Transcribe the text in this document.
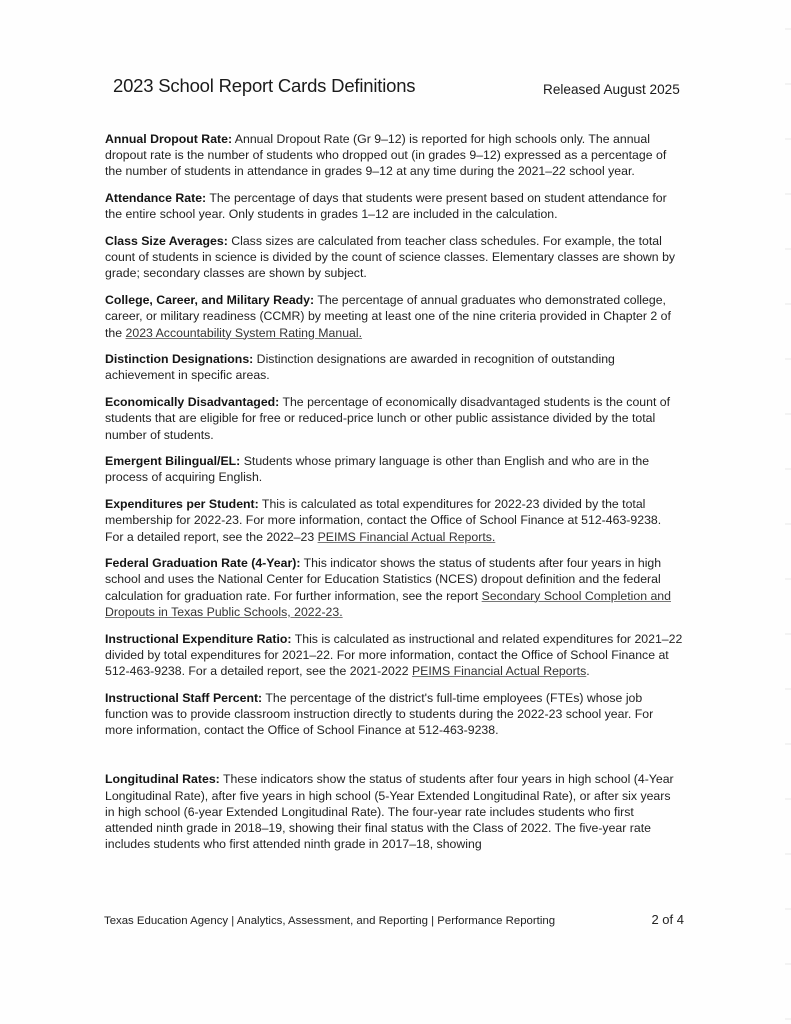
2023 School Report Cards Definitions	Released August 2025

Annual Dropout Rate: Annual Dropout Rate (Gr 9–12) is reported for high schools only. The annual dropout rate is the number of students who dropped out (in grades 9–12) expressed as a percentage of the number of students in attendance in grades 9–12 at any time during the 2021–22 school year.

Attendance Rate: The percentage of days that students were present based on student attendance for the entire school year. Only students in grades 1–12 are included in the calculation.

Class Size Averages: Class sizes are calculated from teacher class schedules. For example, the total count of students in science is divided by the count of science classes. Elementary classes are shown by grade; secondary classes are shown by subject.

College, Career, and Military Ready: The percentage of annual graduates who demonstrated college, career, or military readiness (CCMR) by meeting at least one of the nine criteria provided in Chapter 2 of the 2023 Accountability System Rating Manual.

Distinction Designations: Distinction designations are awarded in recognition of outstanding achievement in specific areas.

Economically Disadvantaged: The percentage of economically disadvantaged students is the count of students that are eligible for free or reduced-price lunch or other public assistance divided by the total number of students.

Emergent Bilingual/EL: Students whose primary language is other than English and who are in the process of acquiring English.

Expenditures per Student: This is calculated as total expenditures for 2022-23 divided by the total membership for 2022-23. For more information, contact the Office of School Finance at 512-463-9238. For a detailed report, see the 2022–23 PEIMS Financial Actual Reports.

Federal Graduation Rate (4-Year): This indicator shows the status of students after four years in high school and uses the National Center for Education Statistics (NCES) dropout definition and the federal calculation for graduation rate. For further information, see the report Secondary School Completion and Dropouts in Texas Public Schools, 2022-23.

Instructional Expenditure Ratio: This is calculated as instructional and related expenditures for 2021–22 divided by total expenditures for 2021–22. For more information, contact the Office of School Finance at 512-463-9238. For a detailed report, see the 2021-2022 PEIMS Financial Actual Reports.

Instructional Staff Percent: The percentage of the district's full-time employees (FTEs) whose job function was to provide classroom instruction directly to students during the 2022-23 school year. For more information, contact the Office of School Finance at 512-463-9238.

Longitudinal Rates: These indicators show the status of students after four years in high school (4-Year Longitudinal Rate), after five years in high school (5-Year Extended Longitudinal Rate), or after six years in high school (6-year Extended Longitudinal Rate). The four-year rate includes students who first attended ninth grade in 2018–19, showing their final status with the Class of 2022. The five-year rate includes students who first attended ninth grade in 2017–18, showing

Texas Education Agency | Analytics, Assessment, and Reporting | Performance Reporting	2 of 4
